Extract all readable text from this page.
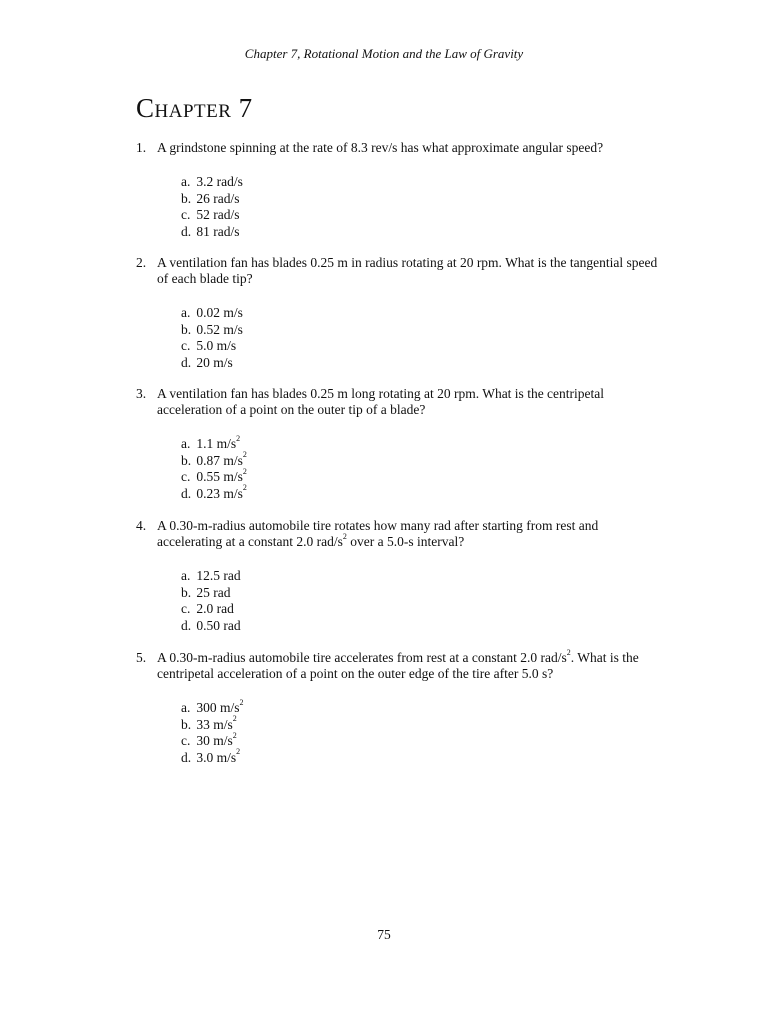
Chapter 7, Rotational Motion and the Law of Gravity
Chapter 7
1. A grindstone spinning at the rate of 8.3 rev/s has what approximate angular speed?
a. 3.2 rad/s
b. 26 rad/s
c. 52 rad/s
d. 81 rad/s
2. A ventilation fan has blades 0.25 m in radius rotating at 20 rpm. What is the tangential speed
of each blade tip?
a. 0.02 m/s
b. 0.52 m/s
c. 5.0 m/s
d. 20 m/s
3. A ventilation fan has blades 0.25 m long rotating at 20 rpm. What is the centripetal
acceleration of a point on the outer tip of a blade?
a. 1.1 $m/s^2$
b. 0.87 $m/s^2$
c. 0.55 $m/s^2$
d. 0.23 $m/s^2$
4. A 0.30-m-radius automobile tire rotates how many rad after starting from rest and
accelerating at a constant 2.0 rad/$s^2$ over a 5.0-s interval?
a. 12.5 rad
b. 25 rad
c. 2.0 rad
d. 0.50 rad
5. A 0.30-m-radius automobile tire accelerates from rest at a constant 2.0 rad/$s^2$. What is the
centripetal acceleration of a point on the outer edge of the tire after 5.0 s?
a. 300 $m/s^2$
b. 33 $m/s^2$
c. 30 $m/s^2$
d. 3.0 $m/s^2$
75
